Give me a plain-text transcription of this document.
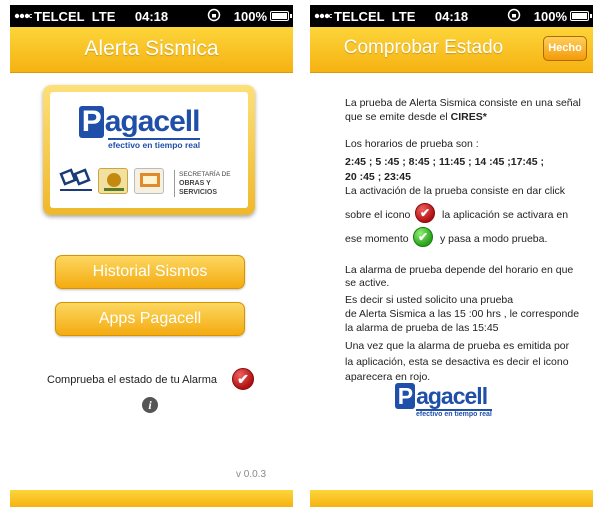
TELCEL LTE	04:18	100%
Alerta Sismica
P agacell
efectivo en tiempo real
SECRETARÍA DE
OBRAS Y SERVICIOS
Historial Sismos
Apps Pagacell
Comprueba el estado de tu Alarma	✔
i
v 0.0.3
TELCEL LTE	04:18	100%
Comprobar Estado	Hecho
La prueba de Alerta Sismica consiste en una señal
que se emite desde el CIRES*
Los horarios de prueba son :
2:45 ; 5 :45 ; 8:45 ; 11:45 ; 14 :45 ;17:45 ;
20 :45 ; 23:45
La activación de la prueba consiste en dar click
sobre el icono ✔	la aplicación se activara en
ese momento ✔	y pasa a modo prueba.
La alarma de prueba depende del horario en que
se active.
Es decir si usted solicito una prueba
de Alerta Sismica a las 15 :00 hrs , le corresponde
la alarma de prueba de las 15:45
Una vez que la alarma de prueba es emitida por
la aplicación, esta se desactiva es decir el icono
aparecera en rojo.
P agacell
efectivo en tiempo real
